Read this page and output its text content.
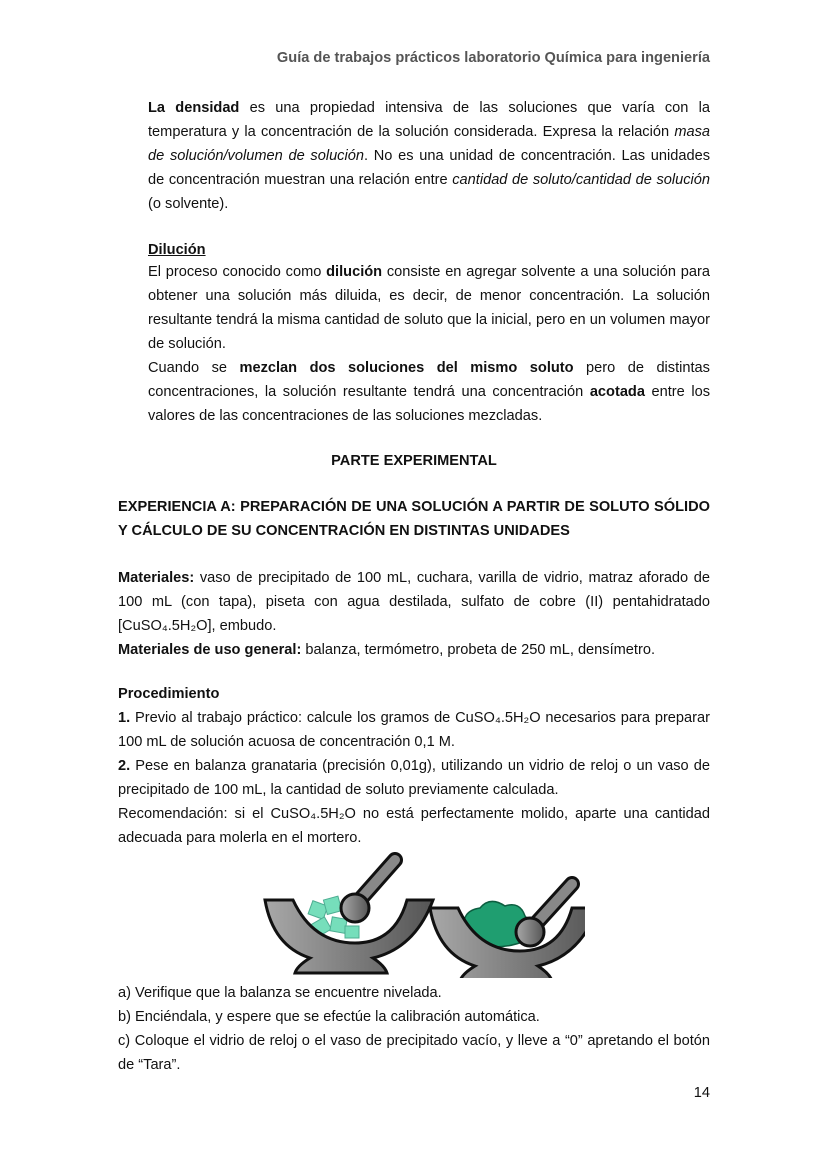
Guía de trabajos prácticos laboratorio Química para ingeniería
La densidad es una propiedad intensiva de las soluciones que varía con la temperatura y la concentración de la solución considerada. Expresa la relación masa de solución/volumen de solución. No es una unidad de concentración. Las unidades de concentración muestran una relación entre cantidad de soluto/cantidad de solución (o solvente).
Dilución
El proceso conocido como dilución consiste en agregar solvente a una solución para obtener una solución más diluida, es decir, de menor concentración. La solución resultante tendrá la misma cantidad de soluto que la inicial, pero en un volumen mayor de solución.
Cuando se mezclan dos soluciones del mismo soluto pero de distintas concentraciones, la solución resultante tendrá una concentración acotada entre los valores de las concentraciones de las soluciones mezcladas.
PARTE EXPERIMENTAL
EXPERIENCIA A: PREPARACIÓN DE UNA SOLUCIÓN A PARTIR DE SOLUTO SÓLIDO Y CÁLCULO DE SU CONCENTRACIÓN EN DISTINTAS UNIDADES
Materiales: vaso de precipitado de 100 mL, cuchara, varilla de vidrio, matraz aforado de 100 mL (con tapa), piseta con agua destilada, sulfato de cobre (II) pentahidratado [CuSO₄.5H₂O], embudo.
Materiales de uso general: balanza, termómetro, probeta de 250 mL, densímetro.
Procedimiento
1. Previo al trabajo práctico: calcule los gramos de CuSO₄.5H₂O necesarios para preparar 100 mL de solución acuosa de concentración 0,1 M.
2. Pese en balanza granataria (precisión 0,01g), utilizando un vidrio de reloj o un vaso de precipitado de 100 mL, la cantidad de soluto previamente calculada.
Recomendación: si el CuSO₄.5H₂O no está perfectamente molido, aparte una cantidad adecuada para molerla en el mortero.
a) Verifique que la balanza se encuentre nivelada.
b) Enciéndala, y espere que se efectúe la calibración automática.
c) Coloque el vidrio de reloj o el vaso de precipitado vacío, y lleve a “0” apretando el botón de “Tara”.
14
